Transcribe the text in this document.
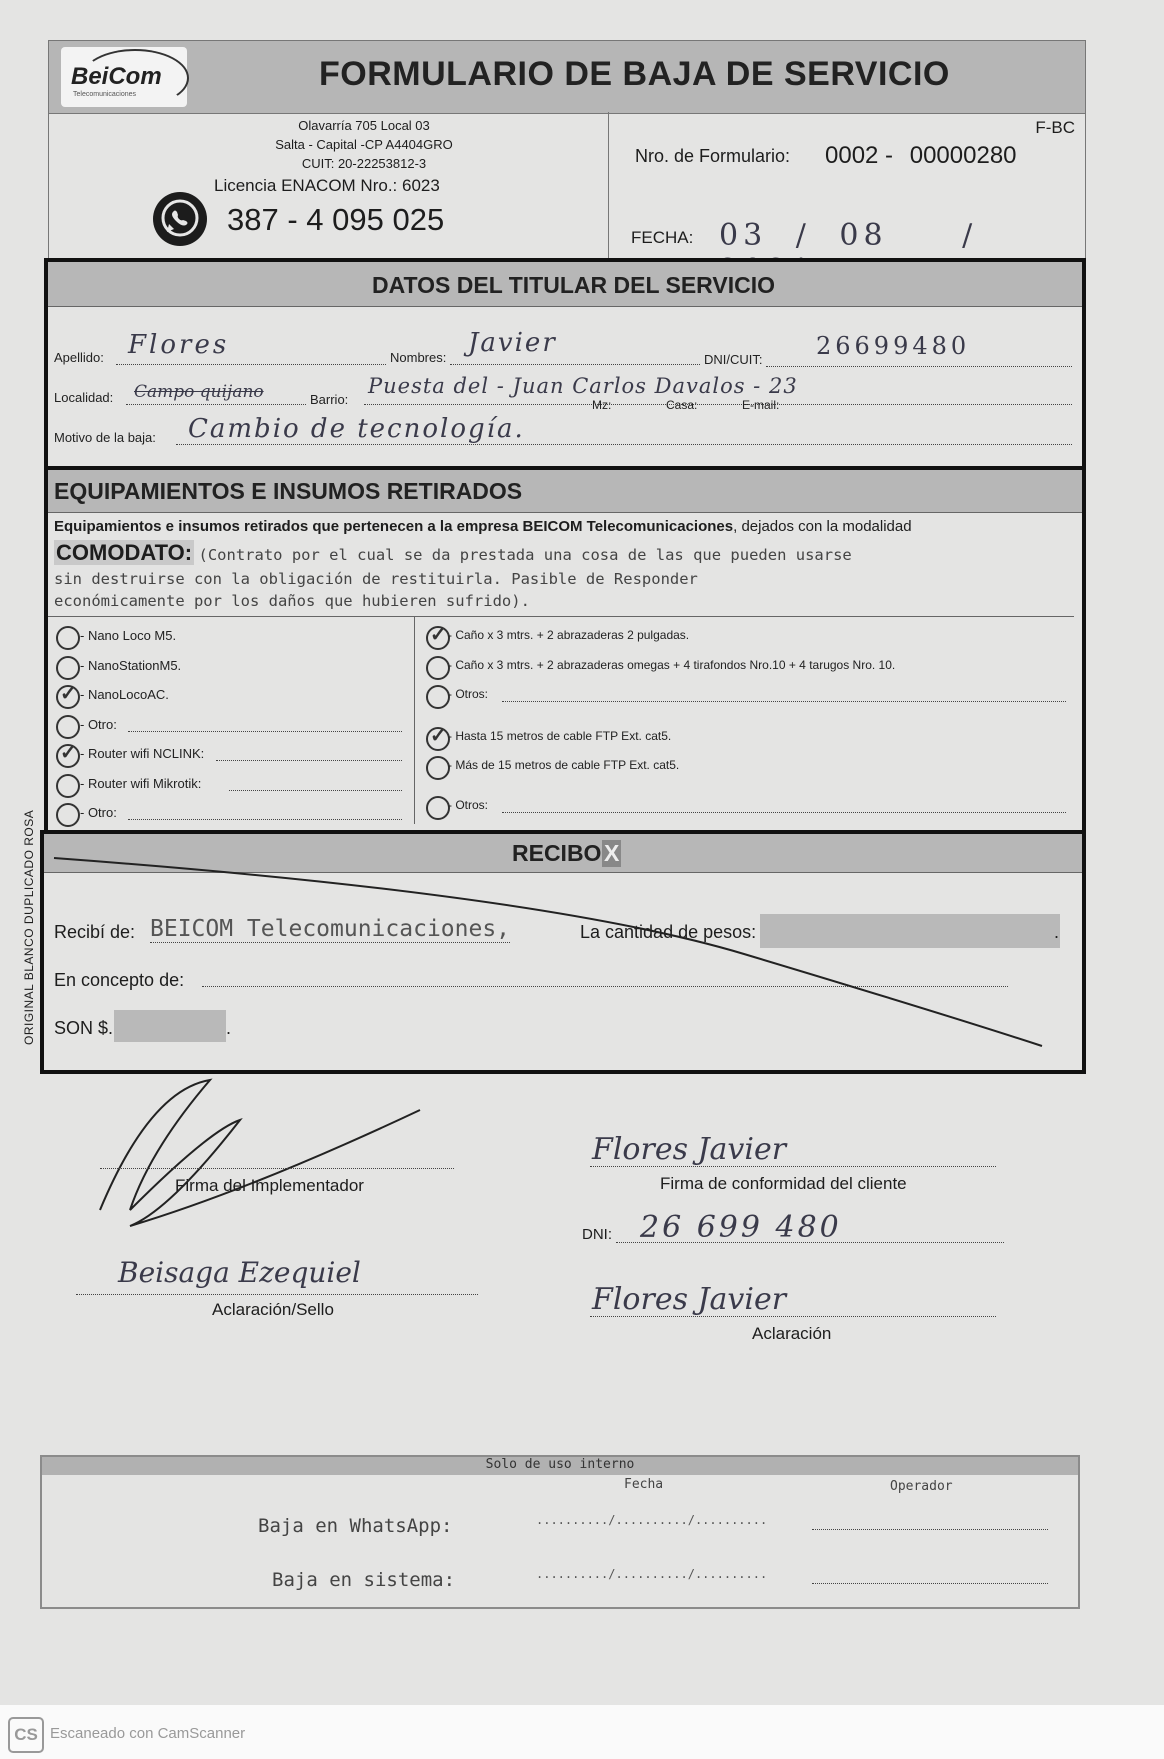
ORIGINAL BLANCO DUPLICADO ROSA
BeiCom
Telecomunicaciones
FORMULARIO DE BAJA DE SERVICIO
Olavarría 705 Local 03
Salta - Capital -CP A4404GRO
CUIT: 20-22253812-3
Licencia ENACOM Nro.: 6023
387 - 4 095 025
F-BC
Nro. de Formulario: 0002 - 00000280
FECHA: 03 / 08 /
DATOS DEL TITULAR DEL SERVICIO
Apellido: Flores	Nombres: Javier
DNI/CUIT: 26699480
Localidad: Campo quijano	Barrio:
Puesta del - Juan Carlos Davalos - 23
Mz:	Casa:	E-mail:
Motivo de la baja: Cambio de tecnología.
EQUIPAMIENTOS E INSUMOS RETIRADOS
Equipamientos e insumos retirados que pertenecen a la empresa BEICOM Telecomunicaciones, dejados con la modalidad
COMODATO: (Contrato por el cual se da prestada una cosa de las que pueden usarse
sin destruirse con la obligación de restituirla. Pasible de Responder
económicamente por los daños que hubieren sufrido).
- Nano Loco M5.
- NanoStationM5.
✓ - NanoLocoAC.
- Otro:
✓ - Router wifi NCLINK:
- Router wifi Mikrotik:
- Otro:
✓ - Caño x 3 mtrs. + 2 abrazaderas 2 pulgadas.
- Caño x 3 mtrs. + 2 abrazaderas omegas + 4 tirafondos Nro.10 + 4 tarugos Nro. 10.
- Otros:
✓ - Hasta 15 metros de cable FTP Ext. cat5.
- Más de 15 metros de cable FTP Ext. cat5.
- Otros:
RECIBO X
Recibí de: BEICOM Telecomunicaciones,	La cantidad de pesos:	.
En concepto de:
SON $.	.
Firma del Implementador
Beisaga Ezequiel
Aclaración/Sello
Flores Javier
Firma de conformidad del cliente
DNI: 26 699 480
Flores Javier
Aclaración
Solo de uso interno
Fecha	Operador
Baja en WhatsApp:	........../........../..........
Baja en sistema:	........../........../..........
CS Escaneado con CamScanner
